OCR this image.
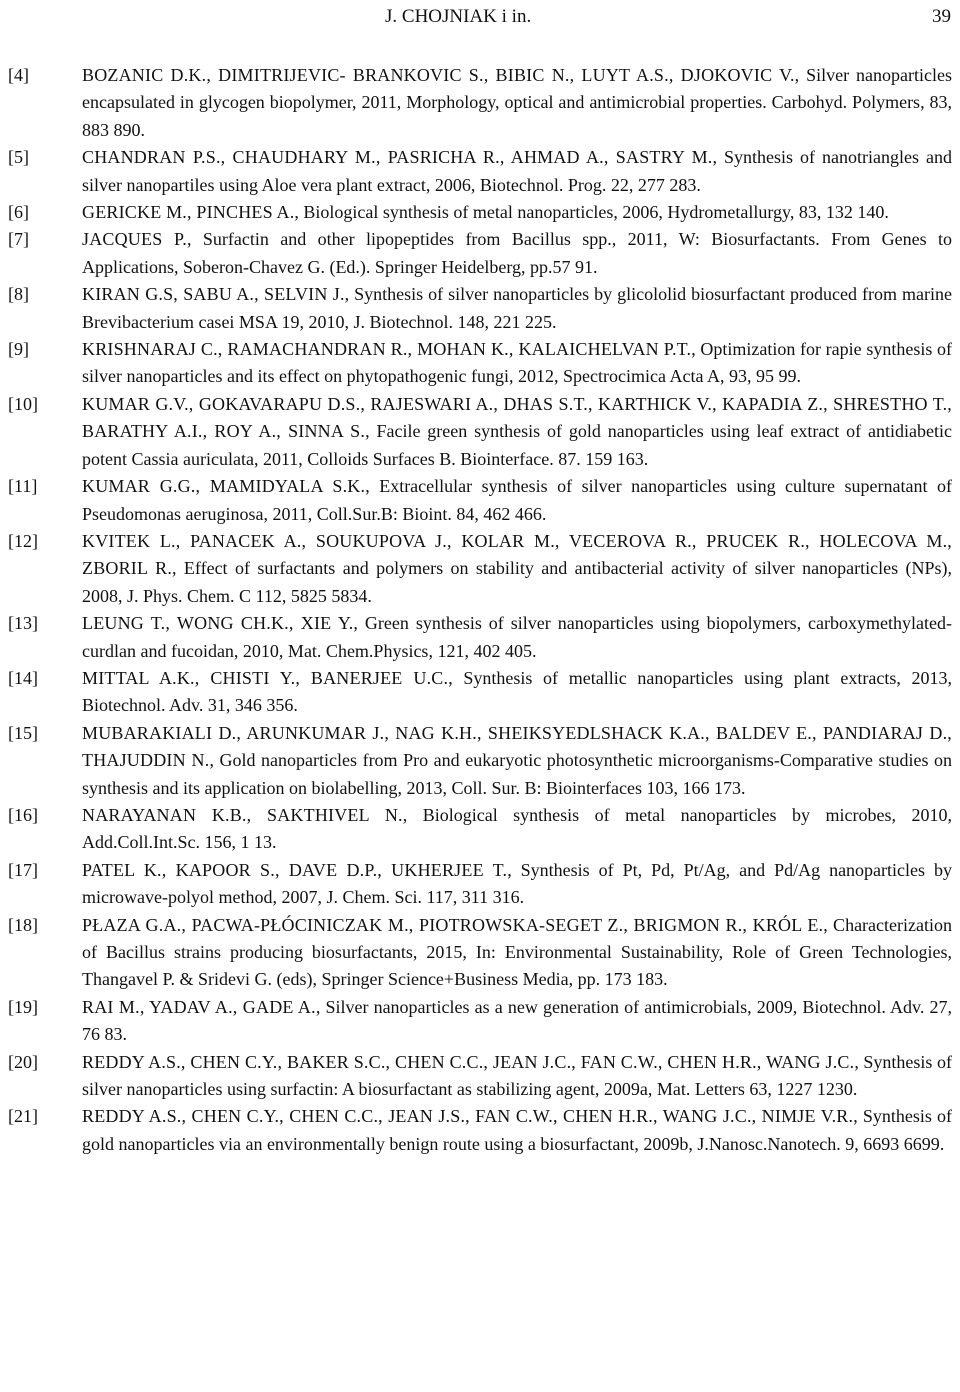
J. CHOJNIAK i in.	39
[4]	BOZANIC D.K., DIMITRIJEVIC- BRANKOVIC S., BIBIC N., LUYT A.S., DJOKOVIC V., Silver nanoparticles encapsulated in glycogen biopolymer, 2011, Morphology, optical and antimicrobial properties. Carbohyd. Polymers, 83, 883 890.
[5]	CHANDRAN P.S., CHAUDHARY M., PASRICHA R., AHMAD A., SASTRY M., Synthesis of nanotriangles and silver nanopartiles using Aloe vera plant extract, 2006, Biotechnol. Prog. 22, 277 283.
[6]	GERICKE M., PINCHES A., Biological synthesis of metal nanoparticles, 2006, Hydrometallurgy, 83, 132 140.
[7]	JACQUES P., Surfactin and other lipopeptides from Bacillus spp., 2011, W: Biosurfactants. From Genes to Applications, Soberon-Chavez G. (Ed.). Springer Heidelberg, pp.57 91.
[8]	KIRAN G.S, SABU A., SELVIN J., Synthesis of silver nanoparticles by glicololid biosurfactant produced from marine Brevibacterium casei MSA 19, 2010, J. Biotechnol. 148, 221 225.
[9]	KRISHNARAJ C., RAMACHANDRAN R., MOHAN K., KALAICHELVAN P.T., Optimization for rapie synthesis of silver nanoparticles and its effect on phytopathogenic fungi, 2012, Spectrocimica Acta A, 93, 95 99.
[10]	KUMAR G.V., GOKAVARAPU D.S., RAJESWARI A., DHAS S.T., KARTHICK V., KAPADIA Z., SHRESTHO T., BARATHY A.I., ROY A., SINNA S., Facile green synthesis of gold nanoparticles using leaf extract of antidiabetic potent Cassia auriculata, 2011, Colloids Surfaces B. Biointerface. 87. 159 163.
[11]	KUMAR G.G., MAMIDYALA S.K., Extracellular synthesis of silver nanoparticles using culture supernatant of Pseudomonas aeruginosa, 2011, Coll.Sur.B: Bioint. 84, 462 466.
[12]	KVITEK L., PANACEK A., SOUKUPOVA J., KOLAR M., VECEROVA R., PRUCEK R., HOLECOVA M., ZBORIL R., Effect of surfactants and polymers on stability and antibacterial activity of silver nanoparticles (NPs), 2008, J. Phys. Chem. C 112, 5825 5834.
[13]	LEUNG T., WONG CH.K., XIE Y., Green synthesis of silver nanoparticles using biopolymers, carboxymethylated-curdlan and fucoidan, 2010, Mat. Chem.Physics, 121, 402 405.
[14]	MITTAL A.K., CHISTI Y., BANERJEE U.C., Synthesis of metallic nanoparticles using plant extracts, 2013, Biotechnol. Adv. 31, 346 356.
[15]	MUBARAKIALI D., ARUNKUMAR J., NAG K.H., SHEIKSYEDLSHACK K.A., BALDEV E., PANDIARAJ D., THAJUDDIN N., Gold nanoparticles from Pro and eukaryotic photosynthetic microorganisms-Comparative studies on synthesis and its application on biolabelling, 2013, Coll. Sur. B: Biointerfaces 103, 166 173.
[16]	NARAYANAN K.B., SAKTHIVEL N., Biological synthesis of metal nanoparticles by microbes, 2010, Add.Coll.Int.Sc. 156, 1 13.
[17]	PATEL K., KAPOOR S., DAVE D.P., UKHERJEE T., Synthesis of Pt, Pd, Pt/Ag, and Pd/Ag nanoparticles by microwave-polyol method, 2007, J. Chem. Sci. 117, 311 316.
[18]	PŁAZA G.A., PACWA-PŁÓCINICZAK M., PIOTROWSKA-SEGET Z., BRIGMON R., KRÓL E., Characterization of Bacillus strains producing biosurfactants, 2015, In: Environmental Sustainability, Role of Green Technologies, Thangavel P. & Sridevi G. (eds), Springer Science+Business Media, pp. 173 183.
[19]	RAI M., YADAV A., GADE A., Silver nanoparticles as a new generation of antimicrobials, 2009, Biotechnol. Adv. 27, 76 83.
[20]	REDDY A.S., CHEN C.Y., BAKER S.C., CHEN C.C., JEAN J.C., FAN C.W., CHEN H.R., WANG J.C., Synthesis of silver nanoparticles using surfactin: A biosurfactant as stabilizing agent, 2009a, Mat. Letters 63, 1227 1230.
[21]	REDDY A.S., CHEN C.Y., CHEN C.C., JEAN J.S., FAN C.W., CHEN H.R., WANG J.C., NIMJE V.R., Synthesis of gold nanoparticles via an environmentally benign route using a biosurfactant, 2009b, J.Nanosc.Nanotech. 9, 6693 6699.
